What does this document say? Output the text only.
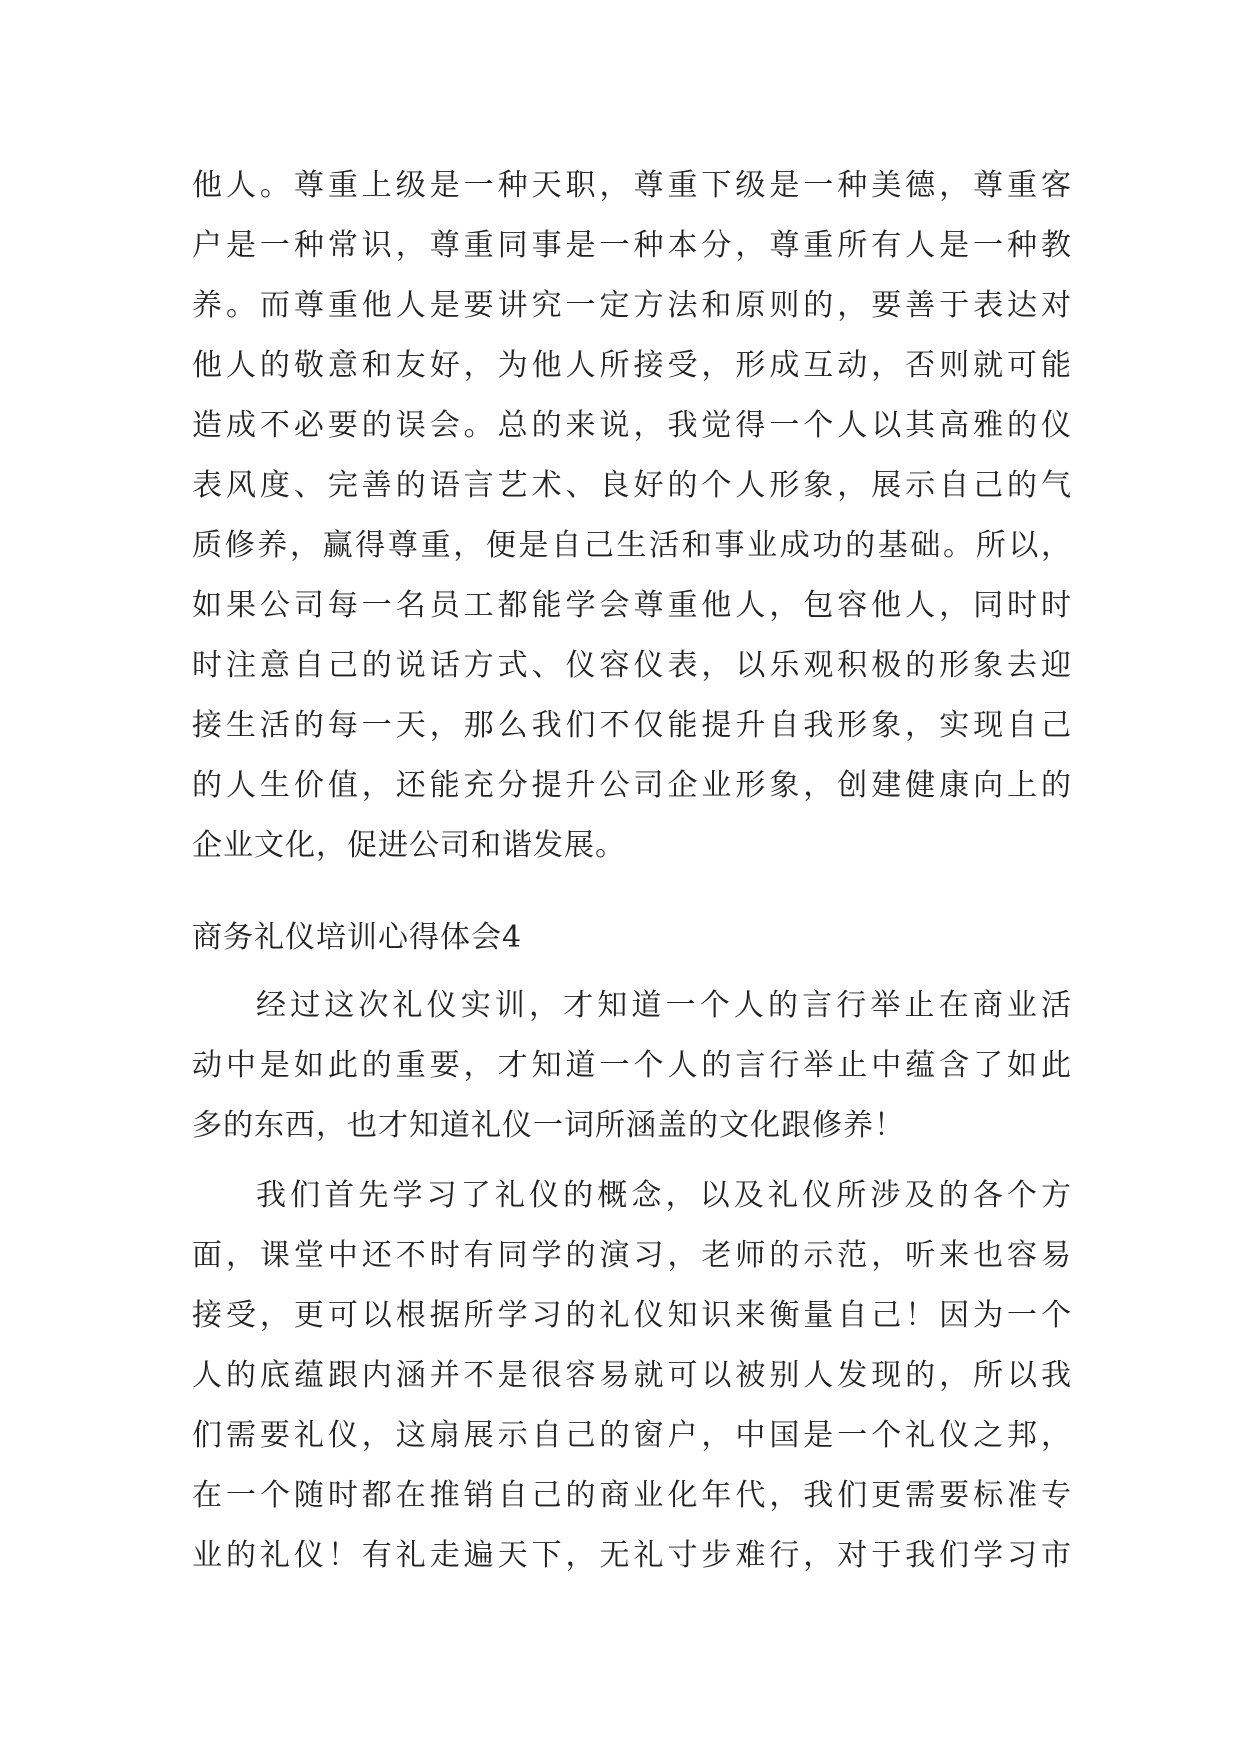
他人。尊重上级是一种天职，尊重下级是一种美德，尊重客
户是一种常识，尊重同事是一种本分，尊重所有人是一种教
养。而尊重他人是要讲究一定方法和原则的，要善于表达对
他人的敬意和友好，为他人所接受，形成互动，否则就可能
造成不必要的误会。总的来说，我觉得一个人以其高雅的仪
表风度、完善的语言艺术、良好的个人形象，展示自己的气
质修养，赢得尊重，便是自己生活和事业成功的基础。所以，
如果公司每一名员工都能学会尊重他人，包容他人，同时时
时注意自己的说话方式、仪容仪表，以乐观积极的形象去迎
接生活的每一天，那么我们不仅能提升自我形象，实现自己
的人生价值，还能充分提升公司企业形象，创建健康向上的
企业文化，促进公司和谐发展。
商务礼仪培训心得体会4
经过这次礼仪实训，才知道一个人的言行举止在商业活
动中是如此的重要，才知道一个人的言行举止中蕴含了如此
多的东西，也才知道礼仪一词所涵盖的文化跟修养！
我们首先学习了礼仪的概念，以及礼仪所涉及的各个方
面，课堂中还不时有同学的演习，老师的示范，听来也容易
接受，更可以根据所学习的礼仪知识来衡量自己！因为一个
人的底蕴跟内涵并不是很容易就可以被别人发现的，所以我
们需要礼仪，这扇展示自己的窗户，中国是一个礼仪之邦，
在一个随时都在推销自己的商业化年代，我们更需要标准专
业的礼仪！有礼走遍天下，无礼寸步难行，对于我们学习市
